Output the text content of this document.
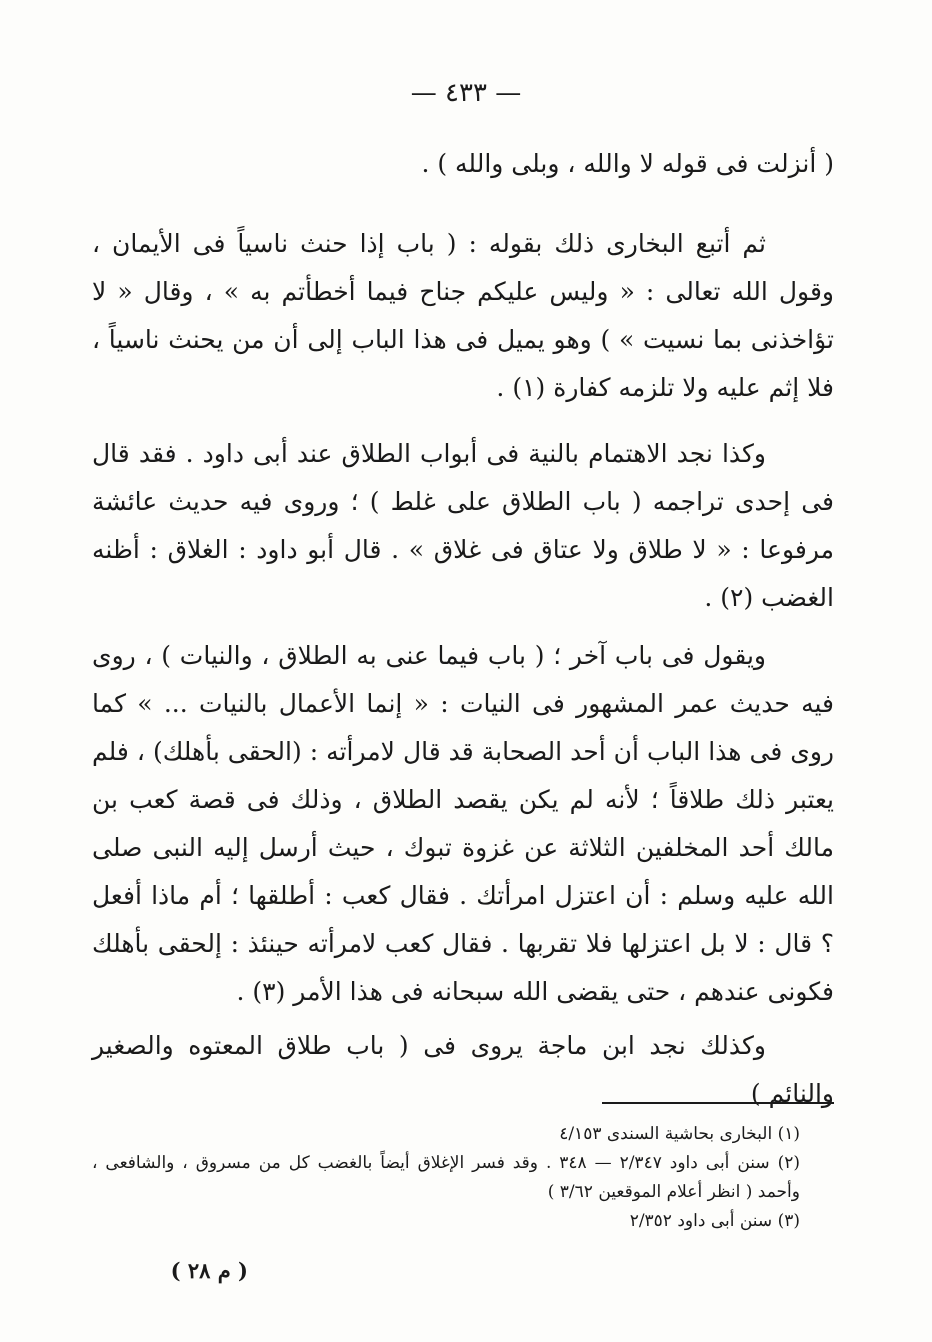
— ٤٣٣ —

( أنزلت فى قوله لا والله ، وبلى والله ) .

ثم أتبع البخارى ذلك بقوله : ( باب إذا حنث ناسياً فى الأيمان ، وقول الله تعالى : « وليس عليكم جناح فيما أخطأتم به » ، وقال « لا تؤاخذنى بما نسيت » ) وهو يميل فى هذا الباب إلى أن من يحنث ناسياً ، فلا إثم عليه ولا تلزمه كفارة (١) .

وكذا نجد الاهتمام بالنية فى أبواب الطلاق عند أبى داود . فقد قال فى إحدى تراجمه ( باب الطلاق على غلط ) ؛ وروى فيه حديث عائشة مرفوعا : « لا طلاق ولا عتاق فى غلاق » . قال أبو داود : الغلاق : أظنه الغضب (٢) .

ويقول فى باب آخر ؛ ( باب فيما عنى به الطلاق ، والنيات ) ، روى فيه حديث عمر المشهور فى النيات : « إنما الأعمال بالنيات ... » كما روى فى هذا الباب أن أحد الصحابة قد قال لامرأته : (الحقى بأهلك) ، فلم يعتبر ذلك طلاقاً ؛ لأنه لم يكن يقصد الطلاق ، وذلك فى قصة كعب بن مالك أحد المخلفين الثلاثة عن غزوة تبوك ، حيث أرسل إليه النبى صلى الله عليه وسلم : أن اعتزل امرأتك . فقال كعب : أطلقها ؛ أم ماذا أفعل ؟ قال : لا بل اعتزلها فلا تقربها . فقال كعب لامرأته حينئذ : إلحقى بأهلك فكونى عندهم ، حتى يقضى الله سبحانه فى هذا الأمر (٣) .

وكذلك نجد ابن ماجة يروى فى ( باب طلاق المعتوه والصغير والنائم )

(١) البخارى بحاشية السندى ٤/١٥٣

(٢) سنن أبى داود ٢/٣٤٧ — ٣٤٨ . وقد فسر الإغلاق أيضاً بالغضب كل من مسروق ، والشافعى ، وأحمد ( انظر أعلام الموقعين ٣/٦٢ )

(٣) سنن أبى داود ٢/٣٥٢

( م ٢٨ )
